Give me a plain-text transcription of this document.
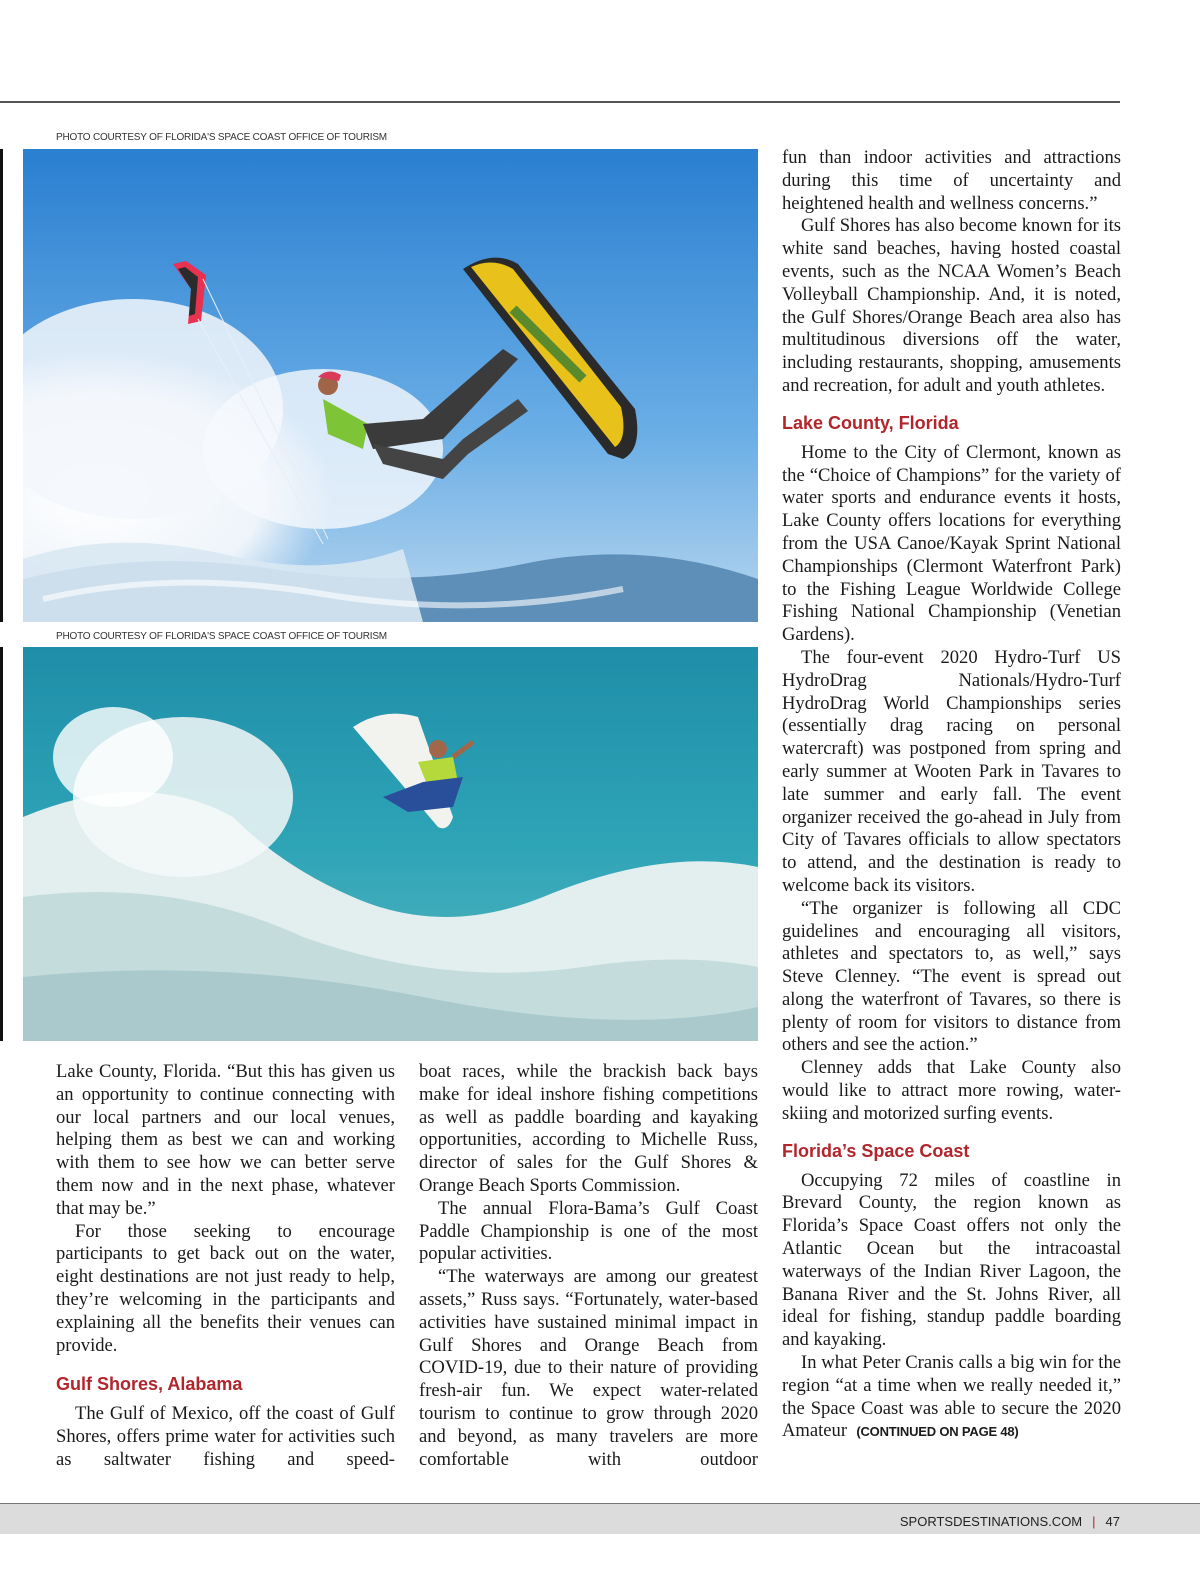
PHOTO COURTESY OF FLORIDA'S SPACE COAST OFFICE OF TOURISM
PHOTO COURTESY OF FLORIDA'S SPACE COAST OFFICE OF TOURISM

Lake County, Florida. “But this has given us an opportunity to continue connecting with our local partners and our local venues, helping them as best we can and working with them to see how we can better serve them now and in the next phase, whatever that may be.”

For those seeking to encourage participants to get back out on the water, eight destinations are not just ready to help, they’re welcoming in the participants and explaining all the benefits their venues can provide.

Gulf Shores, Alabama

The Gulf of Mexico, off the coast of Gulf Shores, offers prime water for activities such as saltwater fishing and speed-

boat races, while the brackish back bays make for ideal inshore fishing competitions as well as paddle boarding and kayaking opportunities, according to Michelle Russ, director of sales for the Gulf Shores & Orange Beach Sports Commission.

The annual Flora-Bama’s Gulf Coast Paddle Championship is one of the most popular activities.

“The waterways are among our greatest assets,” Russ says. “Fortunately, water-based activities have sustained minimal impact in Gulf Shores and Orange Beach from COVID-19, due to their nature of providing fresh-air fun. We expect water-related tourism to continue to grow through 2020 and beyond, as many travelers are more comfortable with outdoor

fun than indoor activities and attractions during this time of uncertainty and heightened health and wellness concerns.”

Gulf Shores has also become known for its white sand beaches, having hosted coastal events, such as the NCAA Women’s Beach Volleyball Championship. And, it is noted, the Gulf Shores/Orange Beach area also has multitudinous diversions off the water, including restaurants, shopping, amusements and recreation, for adult and youth athletes.

Lake County, Florida

Home to the City of Clermont, known as the “Choice of Champions” for the variety of water sports and endurance events it hosts, Lake County offers locations for everything from the USA Canoe/Kayak Sprint National Championships (Clermont Waterfront Park) to the Fishing League Worldwide College Fishing National Championship (Venetian Gardens).

The four-event 2020 Hydro-Turf US HydroDrag Nationals/Hydro-Turf HydroDrag World Championships series (essentially drag racing on personal watercraft) was postponed from spring and early summer at Wooten Park in Tavares to late summer and early fall. The event organizer received the go-ahead in July from City of Tavares officials to allow spectators to attend, and the destination is ready to welcome back its visitors.

“The organizer is following all CDC guidelines and encouraging all visitors, athletes and spectators to, as well,” says Steve Clenney. “The event is spread out along the waterfront of Tavares, so there is plenty of room for visitors to distance from others and see the action.”

Clenney adds that Lake County also would like to attract more rowing, water-skiing and motorized surfing events.

Florida’s Space Coast

Occupying 72 miles of coastline in Brevard County, the region known as Florida’s Space Coast offers not only the Atlantic Ocean but the intracoastal waterways of the Indian River Lagoon, the Banana River and the St. Johns River, all ideal for fishing, standup paddle boarding and kayaking.

In what Peter Cranis calls a big win for the region “at a time when we really needed it,” the Space Coast was able to secure the 2020 Amateur (CONTINUED ON PAGE 48)

SPORTSDESTINATIONS.COM | 47
